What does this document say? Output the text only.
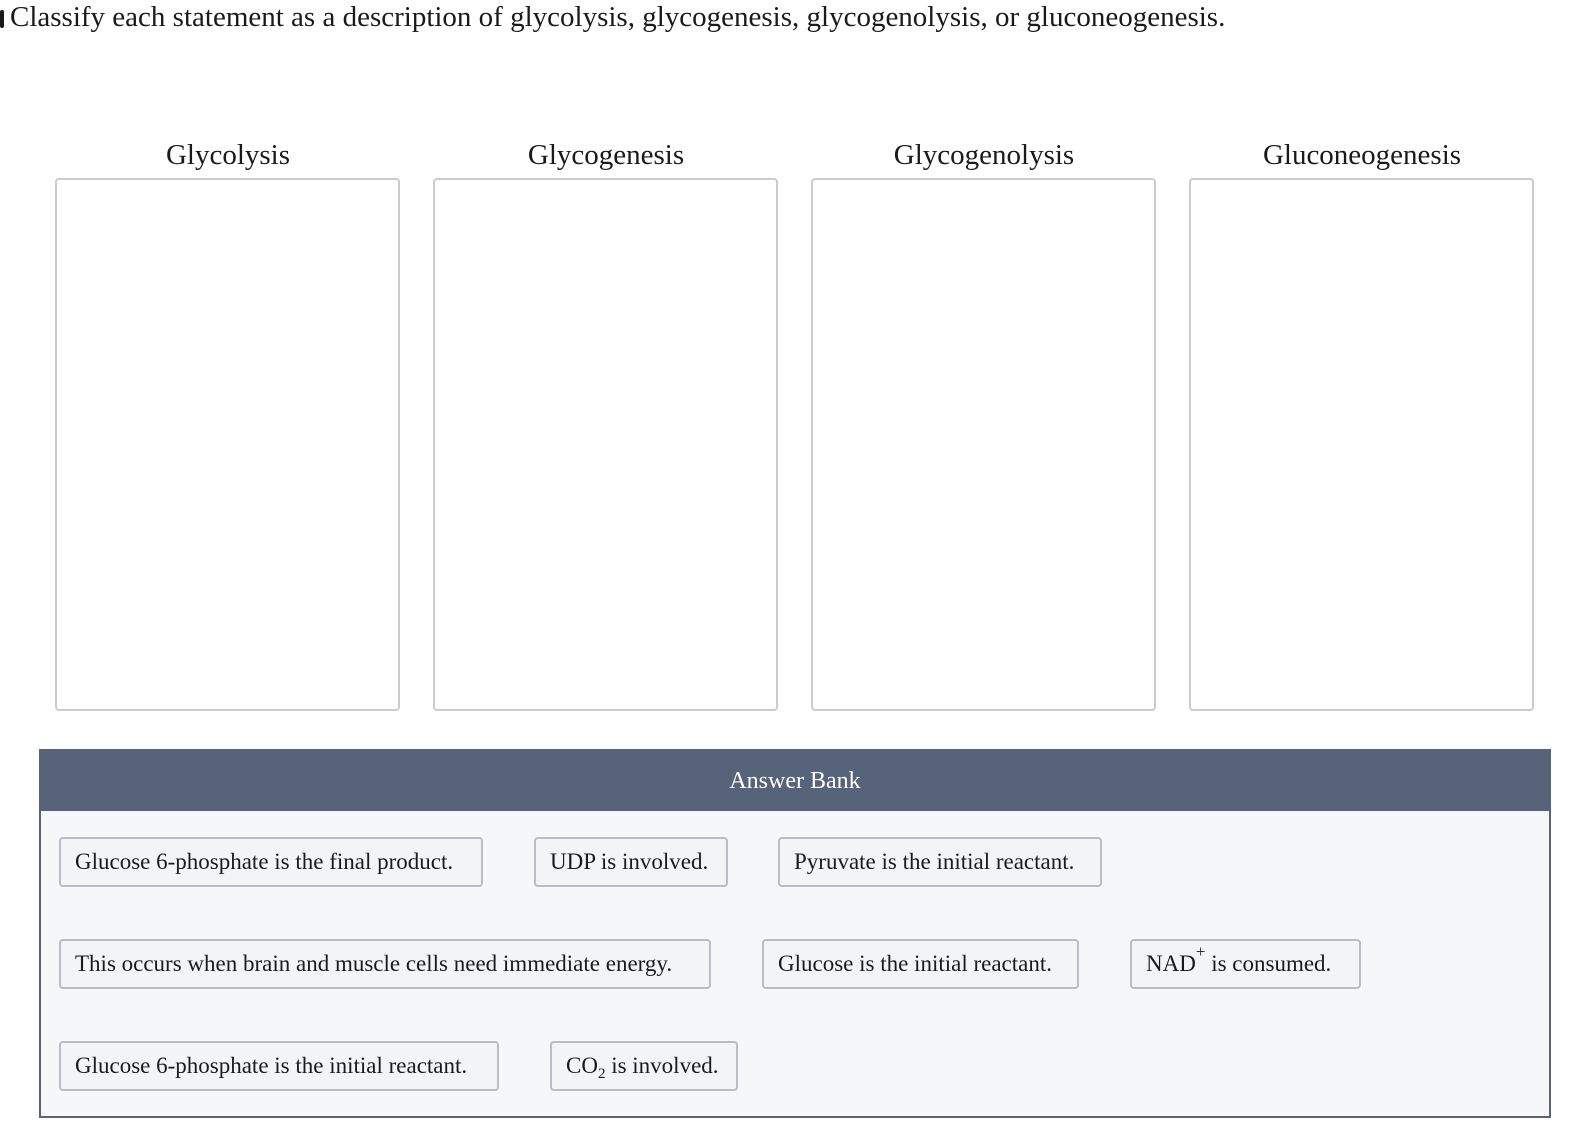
Classify each statement as a description of glycolysis, glycogenesis, glycogenolysis, or gluconeogenesis.
Glycolysis	Glycogenesis	Glycogenolysis	Gluconeogenesis
Answer Bank
Glucose 6-phosphate is the final product.	UDP is involved.	Pyruvate is the initial reactant.
This occurs when brain and muscle cells need immediate energy.	Glucose is the initial reactant.	NAD+ is consumed.
Glucose 6-phosphate is the initial reactant.	$CO_2$ is involved.
